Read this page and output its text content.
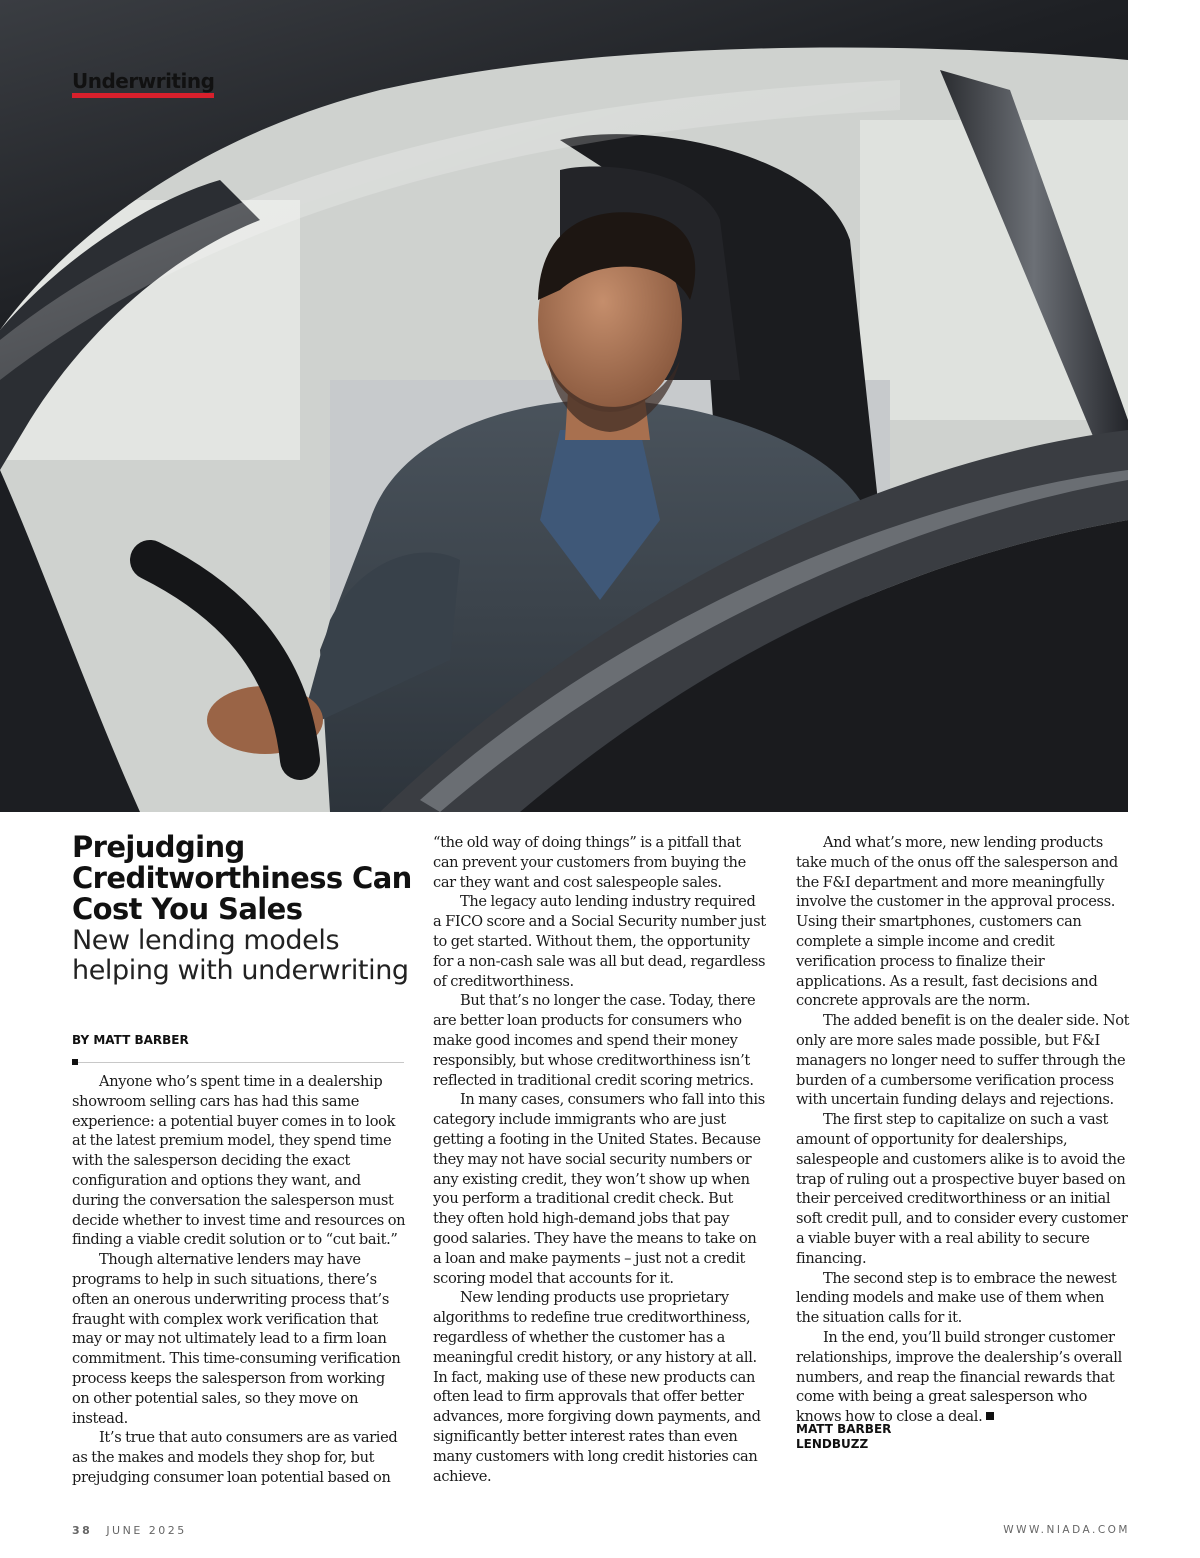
Underwriting
Prejudging Creditworthiness Can Cost You Sales
New lending models helping with underwriting
BY MATT BARBER

Anyone who’s spent time in a dealership showroom selling cars has had this same experience: a potential buyer comes in to look at the latest premium model, they spend time with the salesperson deciding the exact configuration and options they want, and during the conversation the salesperson must decide whether to invest time and resources on finding a viable credit solution or to “cut bait.”

Though alternative lenders may have programs to help in such situations, there’s often an onerous underwriting process that’s fraught with complex work verification that may or may not ultimately lead to a firm loan commitment. This time-consuming verification process keeps the salesperson from working on other potential sales, so they move on instead.

It’s true that auto consumers are as varied as the makes and models they shop for, but prejudging consumer loan potential based on

“the old way of doing things” is a pitfall that can prevent your customers from buying the car they want and cost salespeople sales.

The legacy auto lending industry required a FICO score and a Social Security number just to get started. Without them, the opportunity for a non-cash sale was all but dead, regardless of creditworthiness.

But that’s no longer the case. Today, there are better loan products for consumers who make good incomes and spend their money responsibly, but whose creditworthiness isn’t reflected in traditional credit scoring metrics.

In many cases, consumers who fall into this category include immigrants who are just getting a footing in the United States. Because they may not have social security numbers or any existing credit, they won’t show up when you perform a traditional credit check. But they often hold high-demand jobs that pay good salaries. They have the means to take on a loan and make payments – just not a credit scoring model that accounts for it.

New lending products use proprietary algorithms to redefine true creditworthiness, regardless of whether the customer has a meaningful credit history, or any history at all. In fact, making use of these new products can often lead to firm approvals that offer better advances, more forgiving down payments, and significantly better interest rates than even many customers with long credit histories can achieve.

And what’s more, new lending products take much of the onus off the salesperson and the F&I department and more meaningfully involve the customer in the approval process. Using their smartphones, customers can complete a simple income and credit verification process to finalize their applications. As a result, fast decisions and concrete approvals are the norm.

The added benefit is on the dealer side. Not only are more sales made possible, but F&I managers no longer need to suffer through the burden of a cumbersome verification process with uncertain funding delays and rejections.

The first step to capitalize on such a vast amount of opportunity for dealerships, salespeople and customers alike is to avoid the trap of ruling out a prospective buyer based on their perceived creditworthiness or an initial soft credit pull, and to consider every customer a viable buyer with a real ability to secure financing.

The second step is to embrace the newest lending models and make use of them when the situation calls for it.

In the end, you’ll build stronger customer relationships, improve the dealership’s overall numbers, and reap the financial rewards that come with being a great salesperson who knows how to close a deal.

MATT BARBER
LENDBUZZ
38 JUNE 2025	WWW.NIADA.COM
